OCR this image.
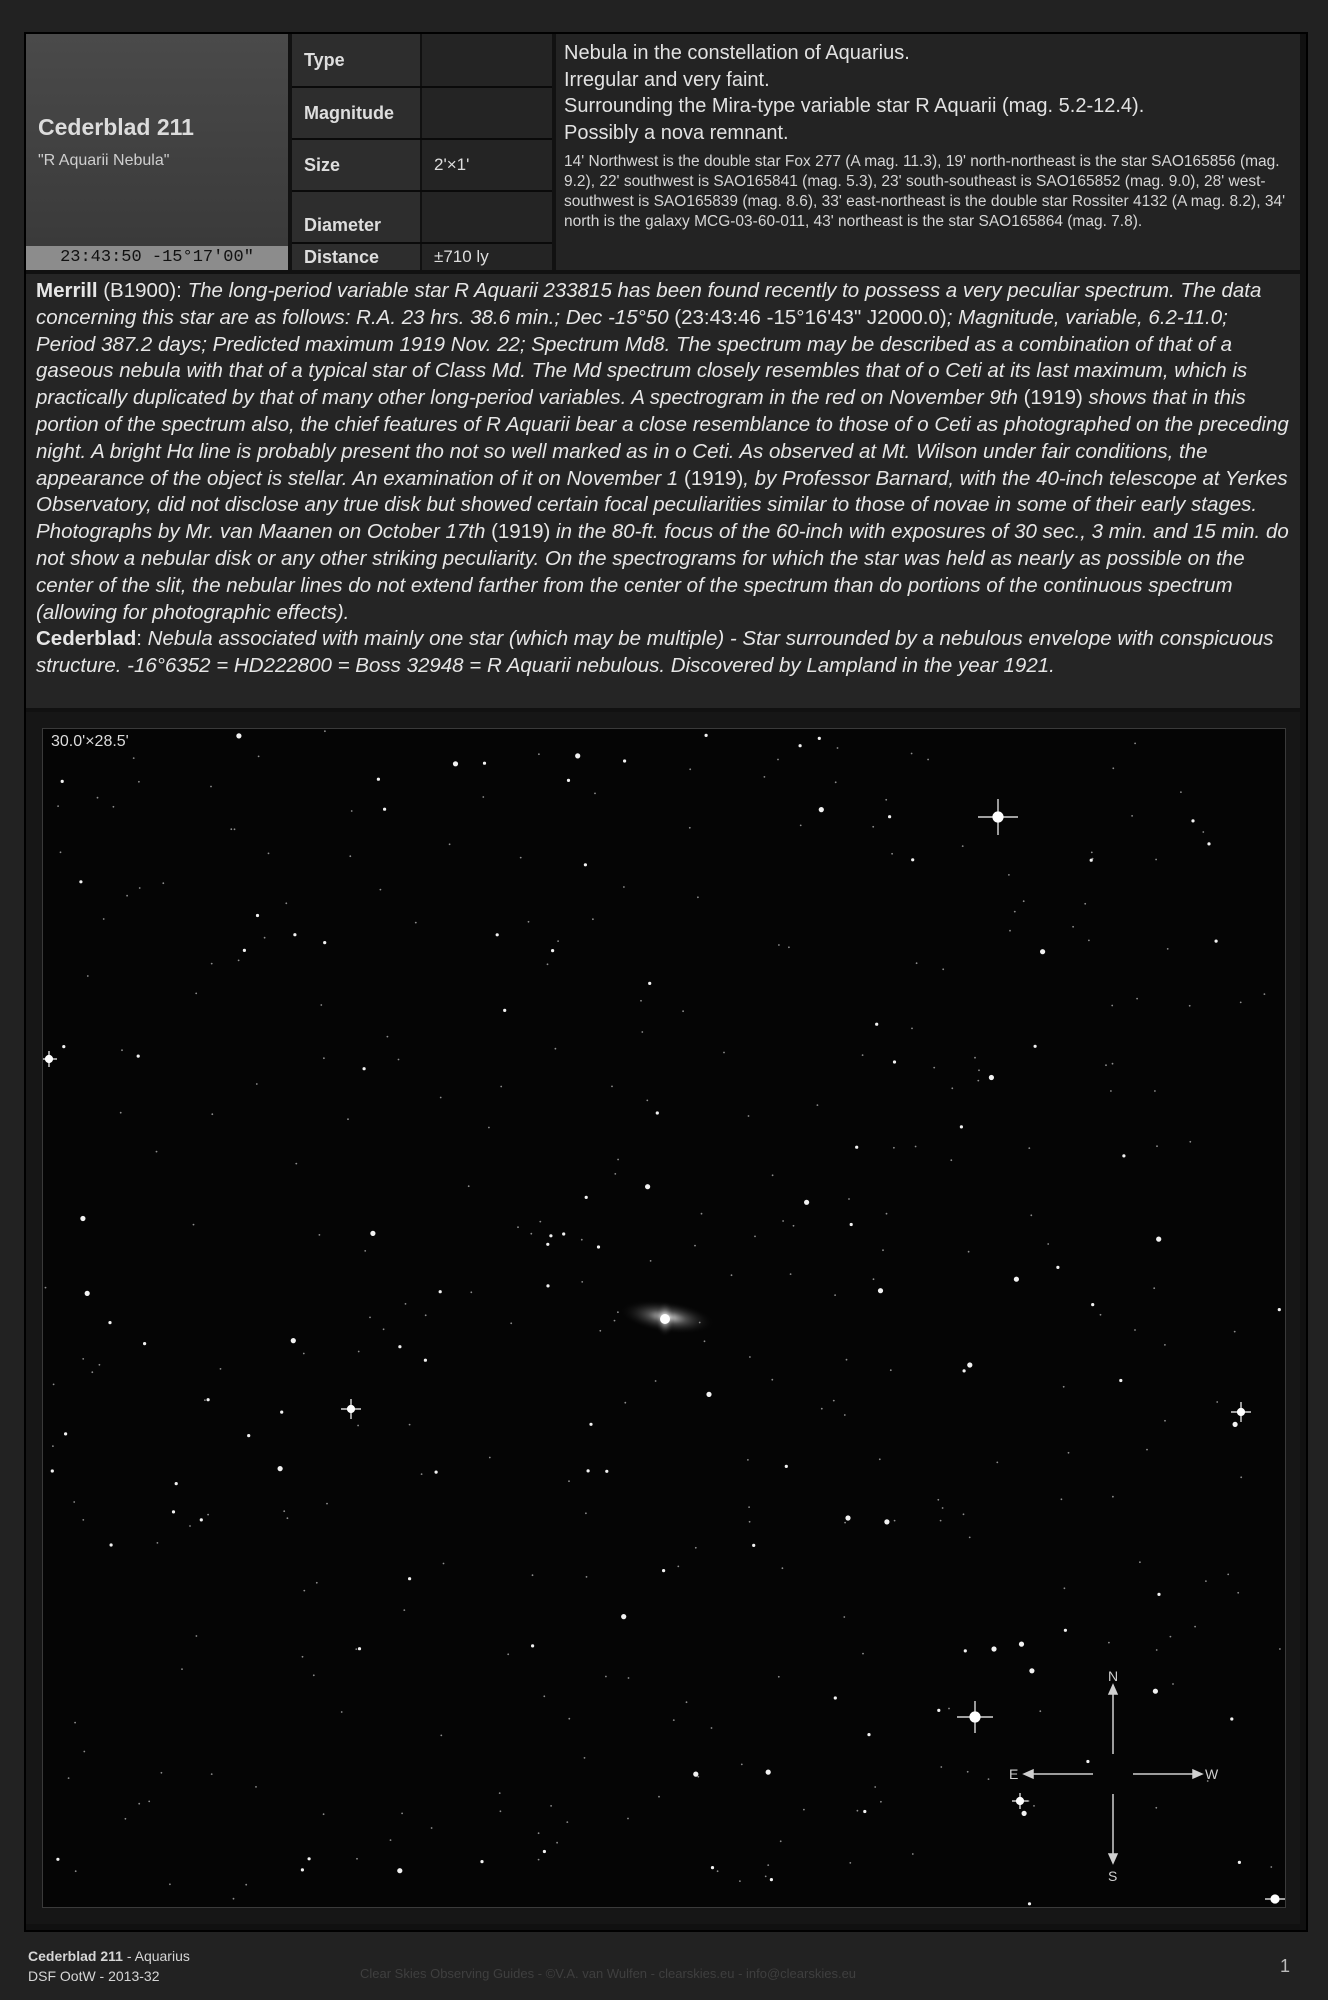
Cederblad 211
"R Aquarii Nebula"
23:43:50 -15°17'00"
Type
Magnitude
Size	2'×1'
Diameter
Distance	±710 ly
Nebula in the constellation of Aquarius.
Irregular and very faint.
Surrounding the Mira-type variable star R Aquarii (mag. 5.2-12.4).
Possibly a nova remnant.
14' Northwest is the double star Fox 277 (A mag. 11.3), 19' north-northeast is the star SAO165856 (mag. 9.2), 22' southwest is SAO165841 (mag. 5.3), 23' south-southeast is SAO165852 (mag. 9.0), 28' west-southwest is SAO165839 (mag. 8.6), 33' east-northeast is the double star Rossiter 4132 (A mag. 8.2), 34' north is the galaxy MCG-03-60-011, 43' northeast is the star SAO165864 (mag. 7.8).
Merrill (B1900): The long-period variable star R Aquarii 233815 has been found recently to possess a very peculiar spectrum. The data concerning this star are as follows: R.A. 23 hrs. 38.6 min.; Dec -15°50 (23:43:46 -15°16'43" J2000.0); Magnitude, variable, 6.2-11.0; Period 387.2 days; Predicted maximum 1919 Nov. 22; Spectrum Md8. The spectrum may be described as a combination of that of a gaseous nebula with that of a typical star of Class Md. The Md spectrum closely resembles that of ο Ceti at its last maximum, which is practically duplicated by that of many other long-period variables. A spectrogram in the red on November 9th (1919) shows that in this portion of the spectrum also, the chief features of R Aquarii bear a close resemblance to those of ο Ceti as photographed on the preceding night. A bright Hα line is probably present tho not so well marked as in ο Ceti. As observed at Mt. Wilson under fair conditions, the appearance of the object is stellar. An examination of it on November 1 (1919), by Professor Barnard, with the 40-inch telescope at Yerkes Observatory, did not disclose any true disk but showed certain focal peculiarities similar to those of novae in some of their early stages. Photographs by Mr. van Maanen on October 17th (1919) in the 80-ft. focus of the 60-inch with exposures of 30 sec., 3 min. and 15 min. do not show a nebular disk or any other striking peculiarity. On the spectrograms for which the star was held as nearly as possible on the center of the slit, the nebular lines do not extend farther from the center of the spectrum than do portions of the continuous spectrum (allowing for photographic effects).
Cederblad: Nebula associated with mainly one star (which may be multiple) - Star surrounded by a nebulous envelope with conspicuous structure. -16°6352 = HD222800 = Boss 32948 = R Aquarii nebulous. Discovered by Lampland in the year 1921.
30.0'×28.5'
N
S
E	W
Cederblad 211 - Aquarius
DSF OotW - 2013-32	Clear Skies Observing Guides - ©V.A. van Wulfen - clearskies.eu - info@clearskies.eu	1
